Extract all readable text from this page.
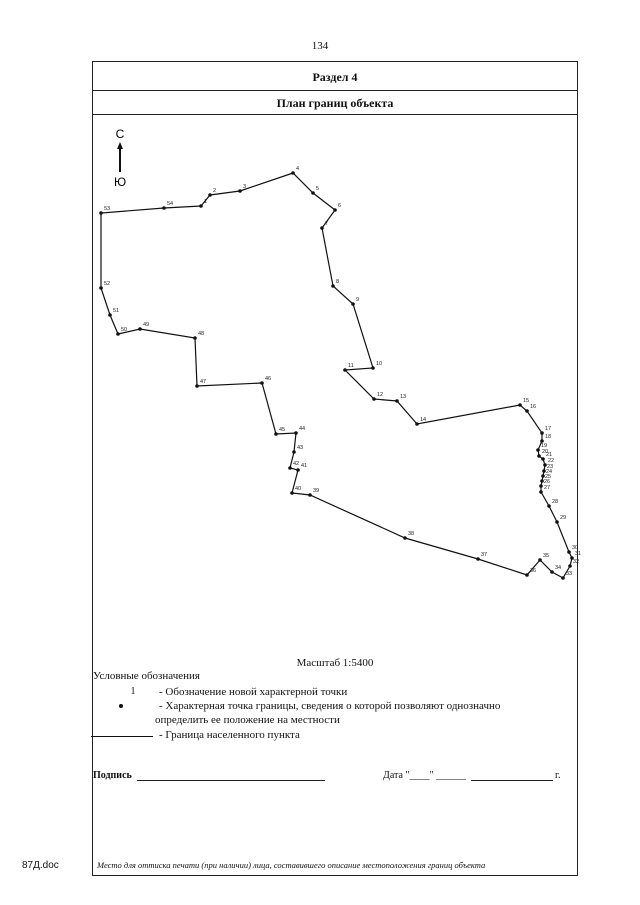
134
С
Ю
1
2
3
4
5
6
7
8
9
10
11
12	13
14
15
16
17
18
19
20
21
22
23
24
25
26
27
28
29
30
31
32
33
34
35
36
37
38
39
40
41
42
43
44
45
46
47
48
49
50
51
52
53
54
Раздел 4
План границ объекта
Масштаб 1:5400
Условные обозначения
1	- Обозначение новой характерной точки
- Характерная точка границы, сведения о которой позволяют однозначно
определить ее положение на местности
- Граница населенного пункта
Подпись	Дата "____" ______	г.
Место для оттиска печати (при наличии) лица, составившего описание местоположения границ объекта
87Д.doc
